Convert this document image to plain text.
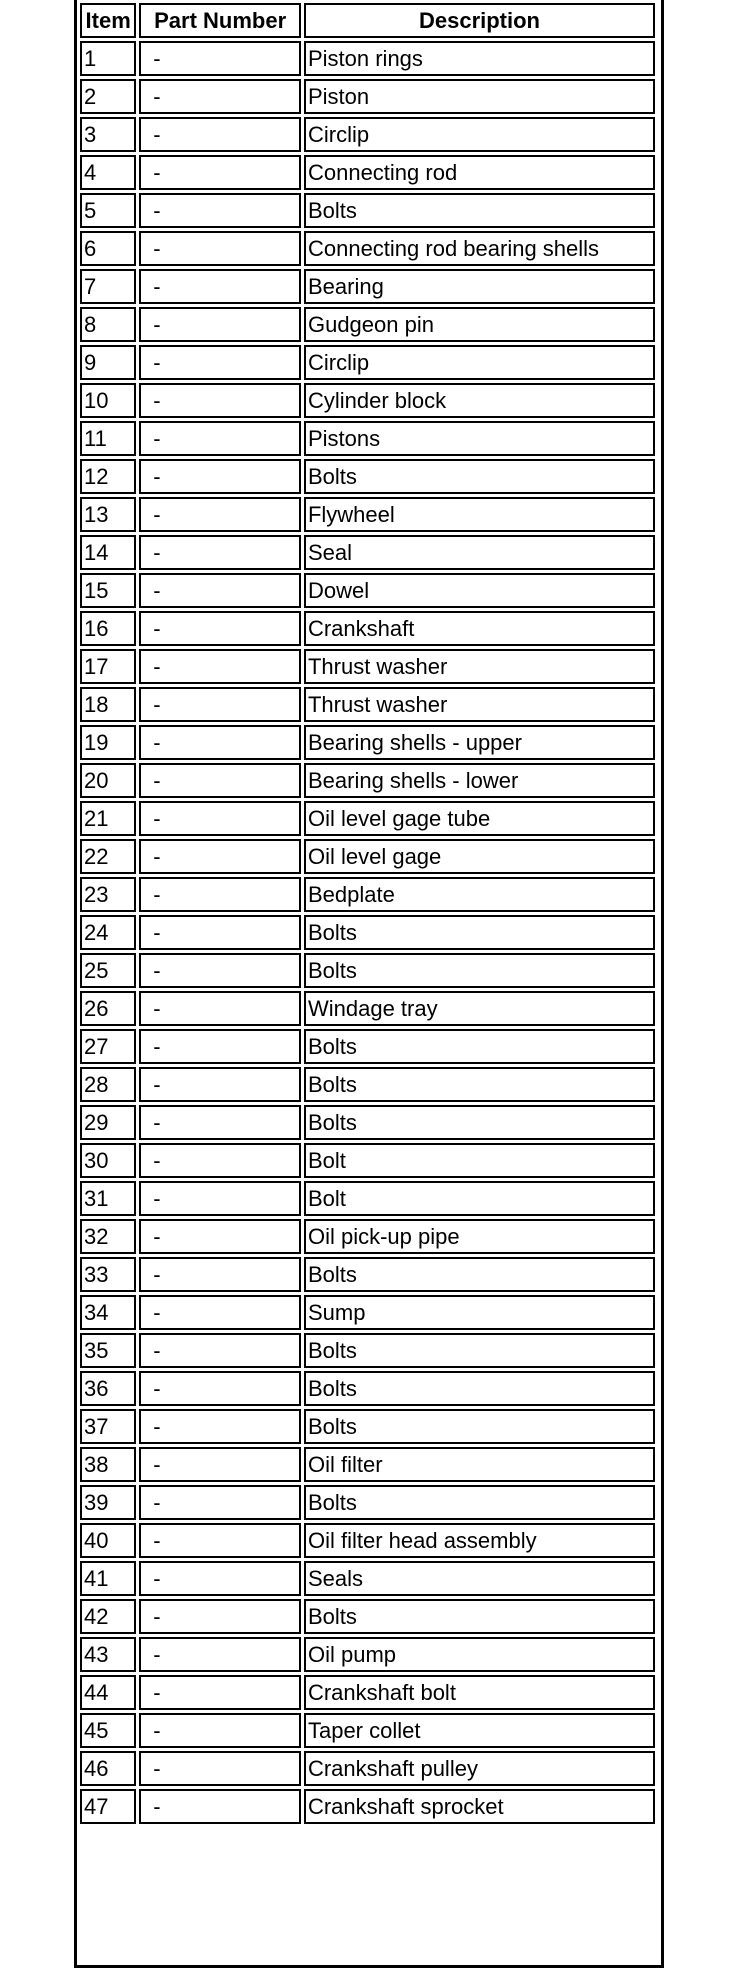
Item	Part Number	Description
1	-	Piston rings
2	-	Piston
3	-	Circlip
4	-	Connecting rod
5	-	Bolts
6	-	Connecting rod bearing shells
7	-	Bearing
8	-	Gudgeon pin
9	-	Circlip
10	-	Cylinder block
11	-	Pistons
12	-	Bolts
13	-	Flywheel
14	-	Seal
15	-	Dowel
16	-	Crankshaft
17	-	Thrust washer
18	-	Thrust washer
19	-	Bearing shells - upper
20	-	Bearing shells - lower
21	-	Oil level gage tube
22	-	Oil level gage
23	-	Bedplate
24	-	Bolts
25	-	Bolts
26	-	Windage tray
27	-	Bolts
28	-	Bolts
29	-	Bolts
30	-	Bolt
31	-	Bolt
32	-	Oil pick-up pipe
33	-	Bolts
34	-	Sump
35	-	Bolts
36	-	Bolts
37	-	Bolts
38	-	Oil filter
39	-	Bolts
40	-	Oil filter head assembly
41	-	Seals
42	-	Bolts
43	-	Oil pump
44	-	Crankshaft bolt
45	-	Taper collet
46	-	Crankshaft pulley
47	-	Crankshaft sprocket
